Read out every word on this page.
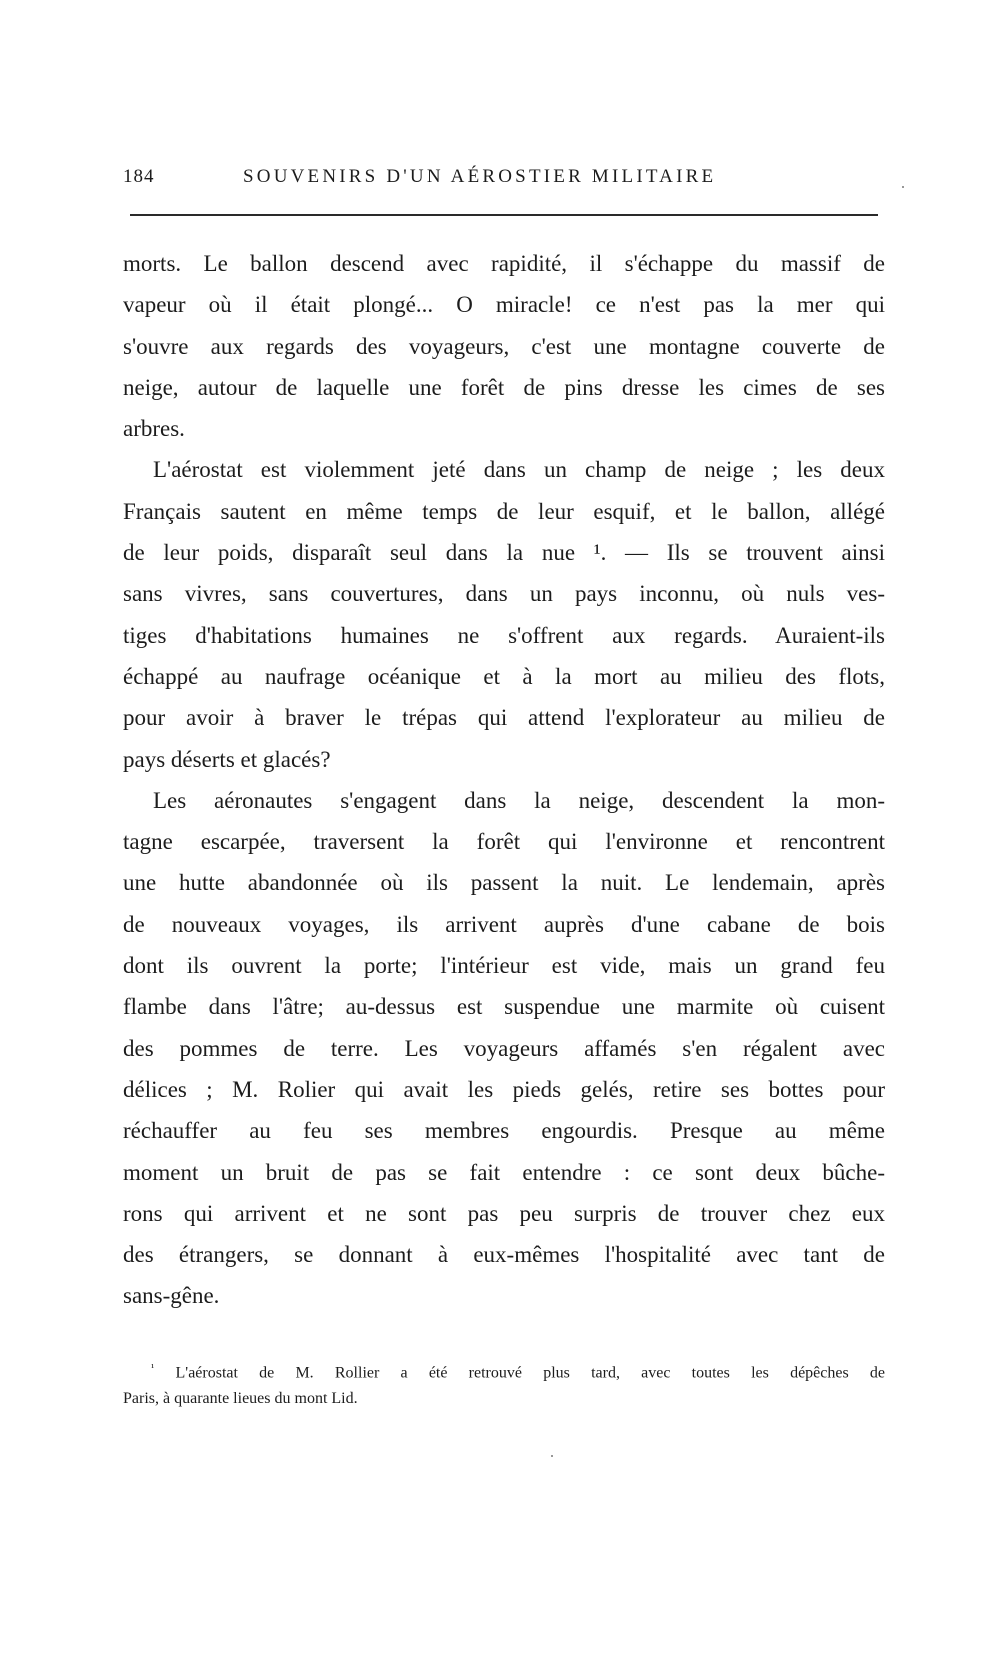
184	SOUVENIRS D'UN AÉROSTIER MILITAIRE
morts. Le ballon descend avec rapidité, il s'échappe du massif de
vapeur où il était plongé... O miracle! ce n'est pas la mer qui
s'ouvre aux regards des voyageurs, c'est une montagne couverte de
neige, autour de laquelle une forêt de pins dresse les cimes de ses
arbres.
L'aérostat est violemment jeté dans un champ de neige ; les deux
Français sautent en même temps de leur esquif, et le ballon, allégé
de leur poids, disparaît seul dans la nue ¹. — Ils se trouvent ainsi
sans vivres, sans couvertures, dans un pays inconnu, où nuls ves-
tiges d'habitations humaines ne s'offrent aux regards. Auraient-ils
échappé au naufrage océanique et à la mort au milieu des flots,
pour avoir à braver le trépas qui attend l'explorateur au milieu de
pays déserts et glacés?
Les aéronautes s'engagent dans la neige, descendent la mon-
tagne escarpée, traversent la forêt qui l'environne et rencontrent
une hutte abandonnée où ils passent la nuit. Le lendemain, après
de nouveaux voyages, ils arrivent auprès d'une cabane de bois
dont ils ouvrent la porte; l'intérieur est vide, mais un grand feu
flambe dans l'âtre; au-dessus est suspendue une marmite où cuisent
des pommes de terre. Les voyageurs affamés s'en régalent avec
délices ; M. Rolier qui avait les pieds gelés, retire ses bottes pour
réchauffer au feu ses membres engourdis. Presque au même
moment un bruit de pas se fait entendre : ce sont deux bûche-
rons qui arrivent et ne sont pas peu surpris de trouver chez eux
des étrangers, se donnant à eux-mêmes l'hospitalité avec tant de
sans-gêne.
$^{^1}$ L'aérostat de M. Rollier a été retrouvé plus tard, avec toutes les dépêches de
Paris, à quarante lieues du mont Lid.
